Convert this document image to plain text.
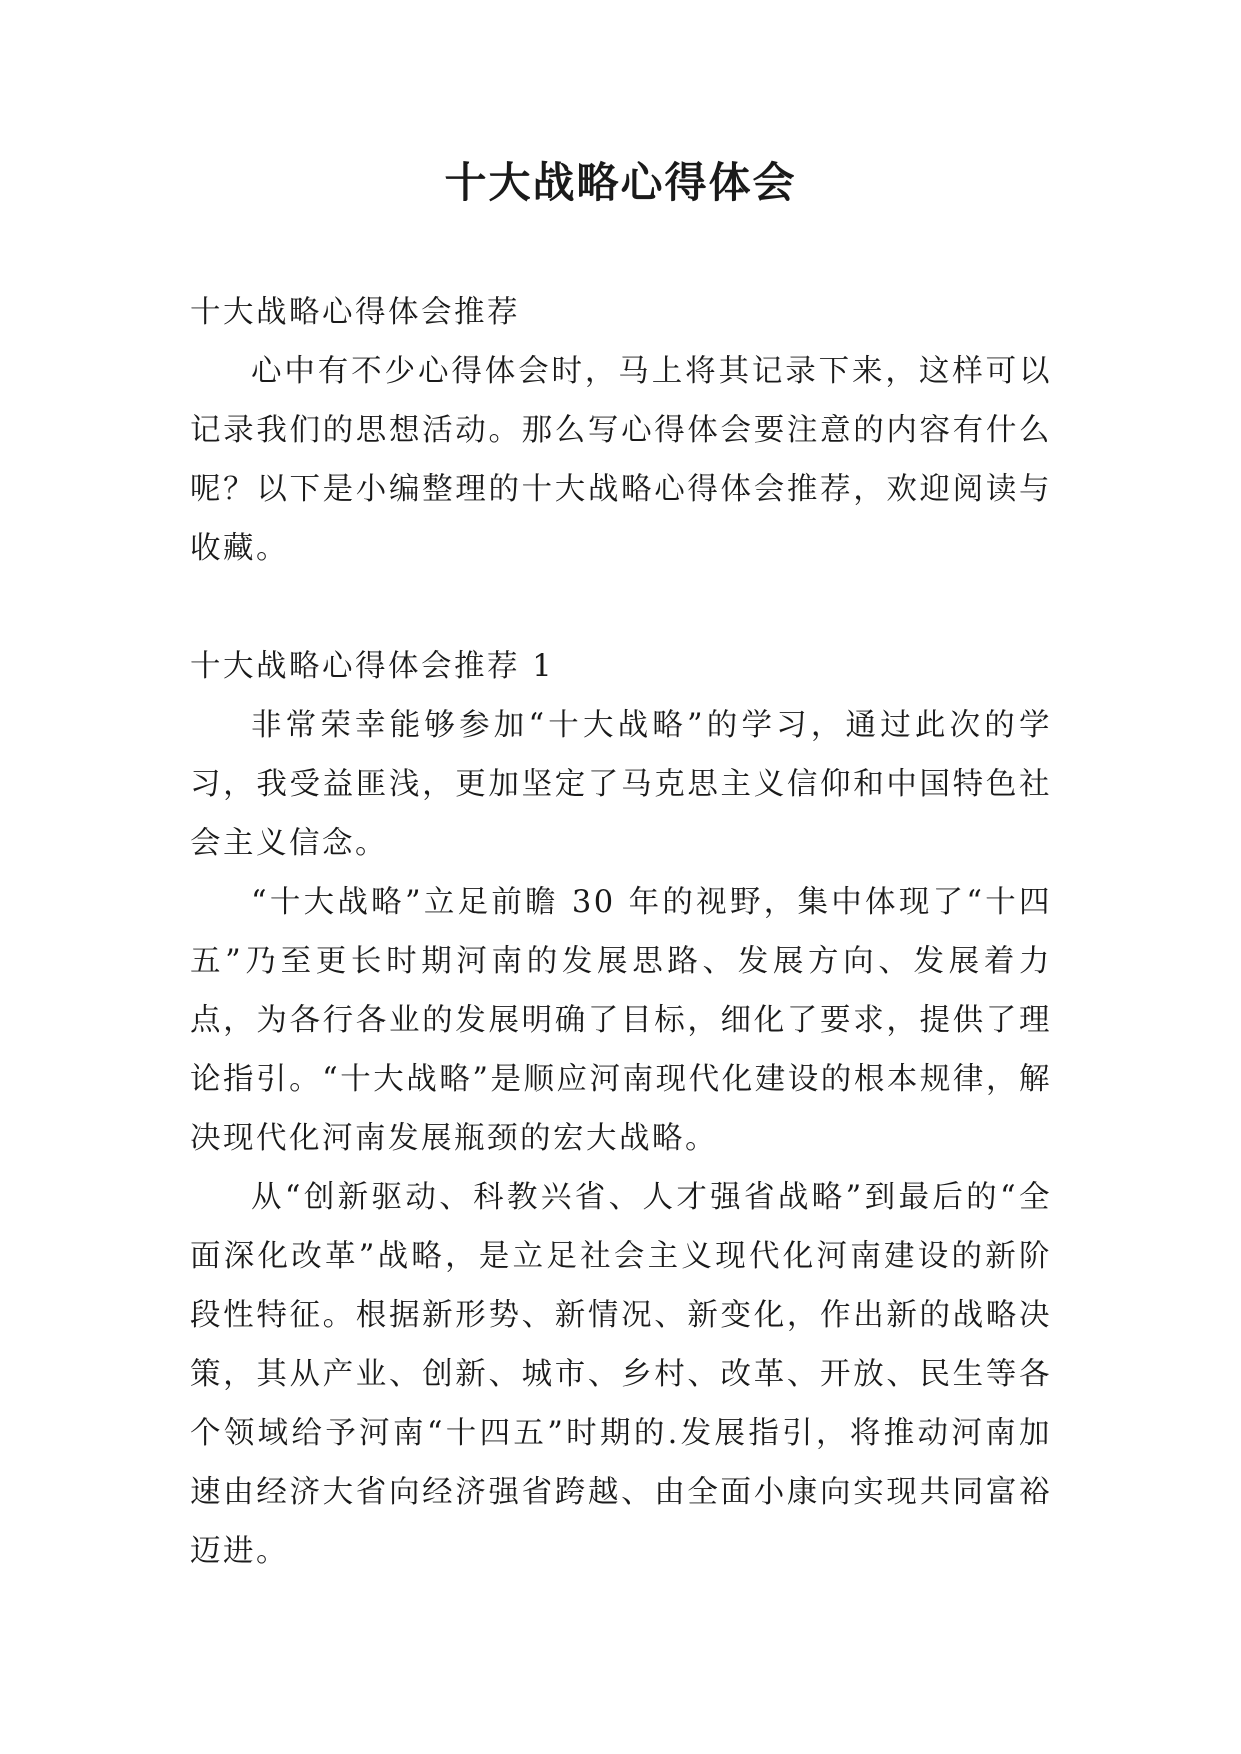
十大战略心得体会

十大战略心得体会推荐

心中有不少心得体会时，马上将其记录下来，这样可以记录我们的思想活动。那么写心得体会要注意的内容有什么呢？以下是小编整理的十大战略心得体会推荐，欢迎阅读与收藏。

十大战略心得体会推荐 1

非常荣幸能够参加“十大战略”的学习，通过此次的学习，我受益匪浅，更加坚定了马克思主义信仰和中国特色社会主义信念。

“十大战略”立足前瞻 30 年的视野，集中体现了“十四五”乃至更长时期河南的发展思路、发展方向、发展着力点，为各行各业的发展明确了目标，细化了要求，提供了理论指引。“十大战略”是顺应河南现代化建设的根本规律，解决现代化河南发展瓶颈的宏大战略。

从“创新驱动、科教兴省、人才强省战略”到最后的“全面深化改革”战略，是立足社会主义现代化河南建设的新阶段性特征。根据新形势、新情况、新变化，作出新的战略决策，其从产业、创新、城市、乡村、改革、开放、民生等各个领域给予河南“十四五”时期的.发展指引，将推动河南加速由经济大省向经济强省跨越、由全面小康向实现共同富裕迈进。
